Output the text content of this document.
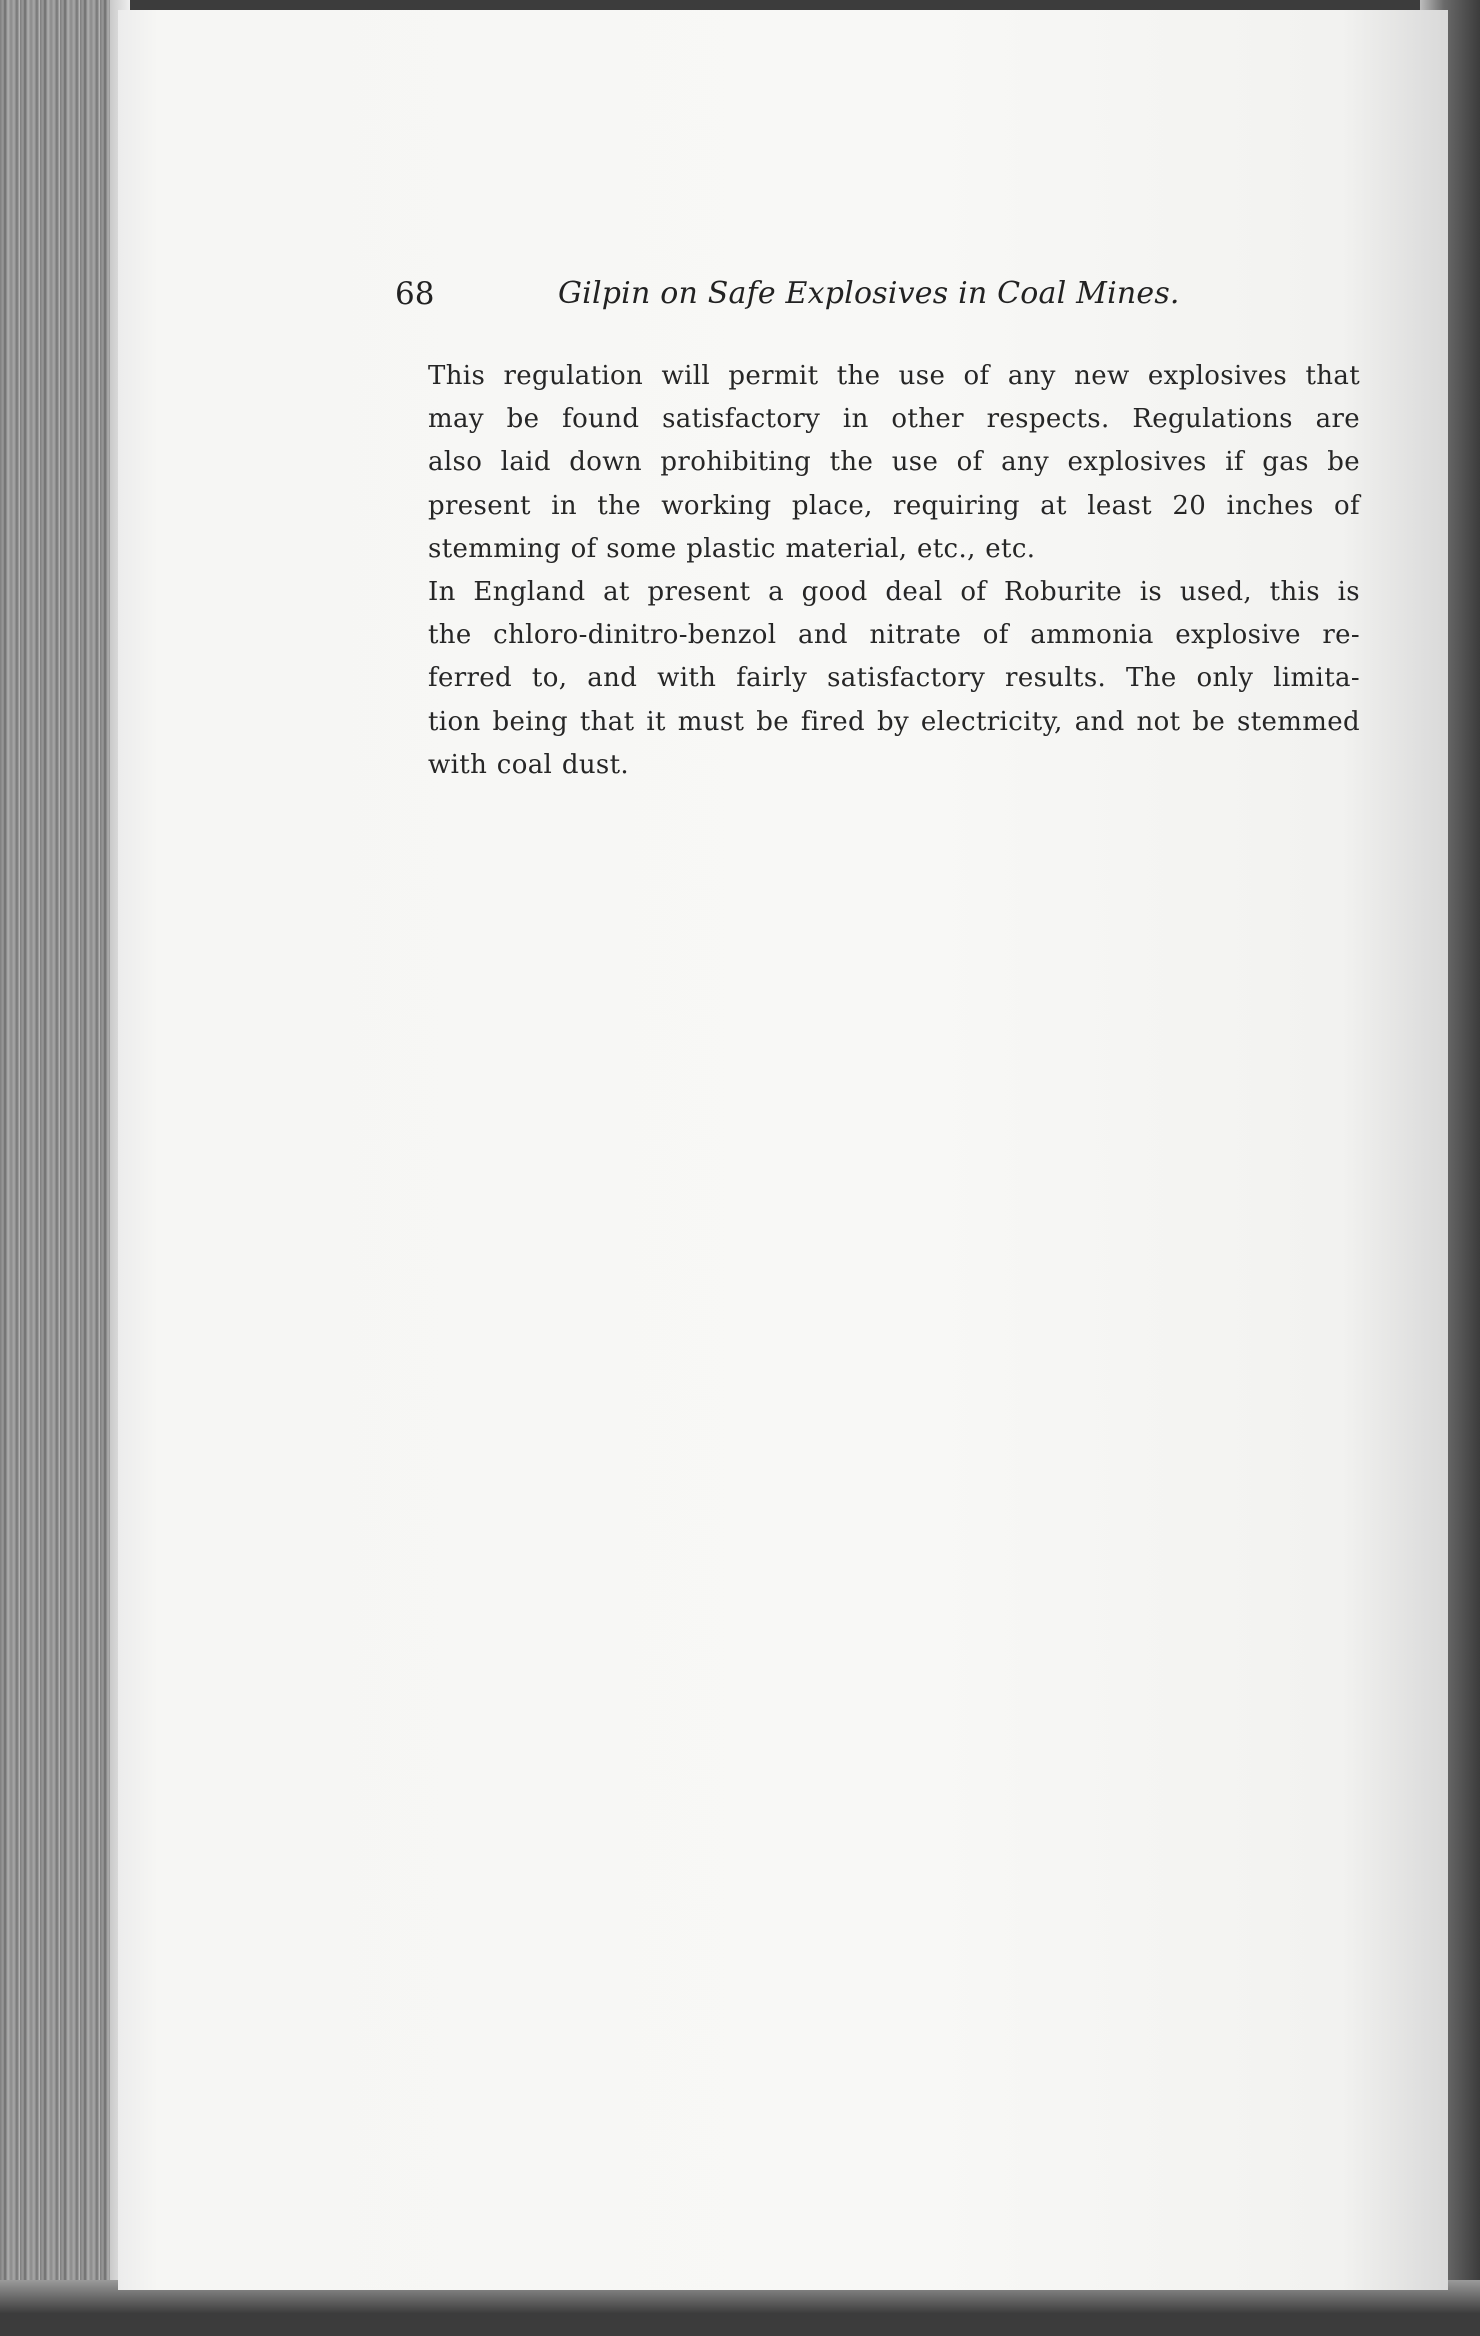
68	Gilpin on Safe Explosives in Coal Mines.

This regulation will permit the use of any new explosives that
may be found satisfactory in other respects. Regulations are
also laid down prohibiting the use of any explosives if gas be
present in the working place, requiring at least 20 inches of
stemming of some plastic material, etc., etc.

In England at present a good deal of Roburite is used, this is
the chloro-dinitro-benzol and nitrate of ammonia explosive re-
ferred to, and with fairly satisfactory results. The only limita-
tion being that it must be fired by electricity, and not be stemmed
with coal dust.
